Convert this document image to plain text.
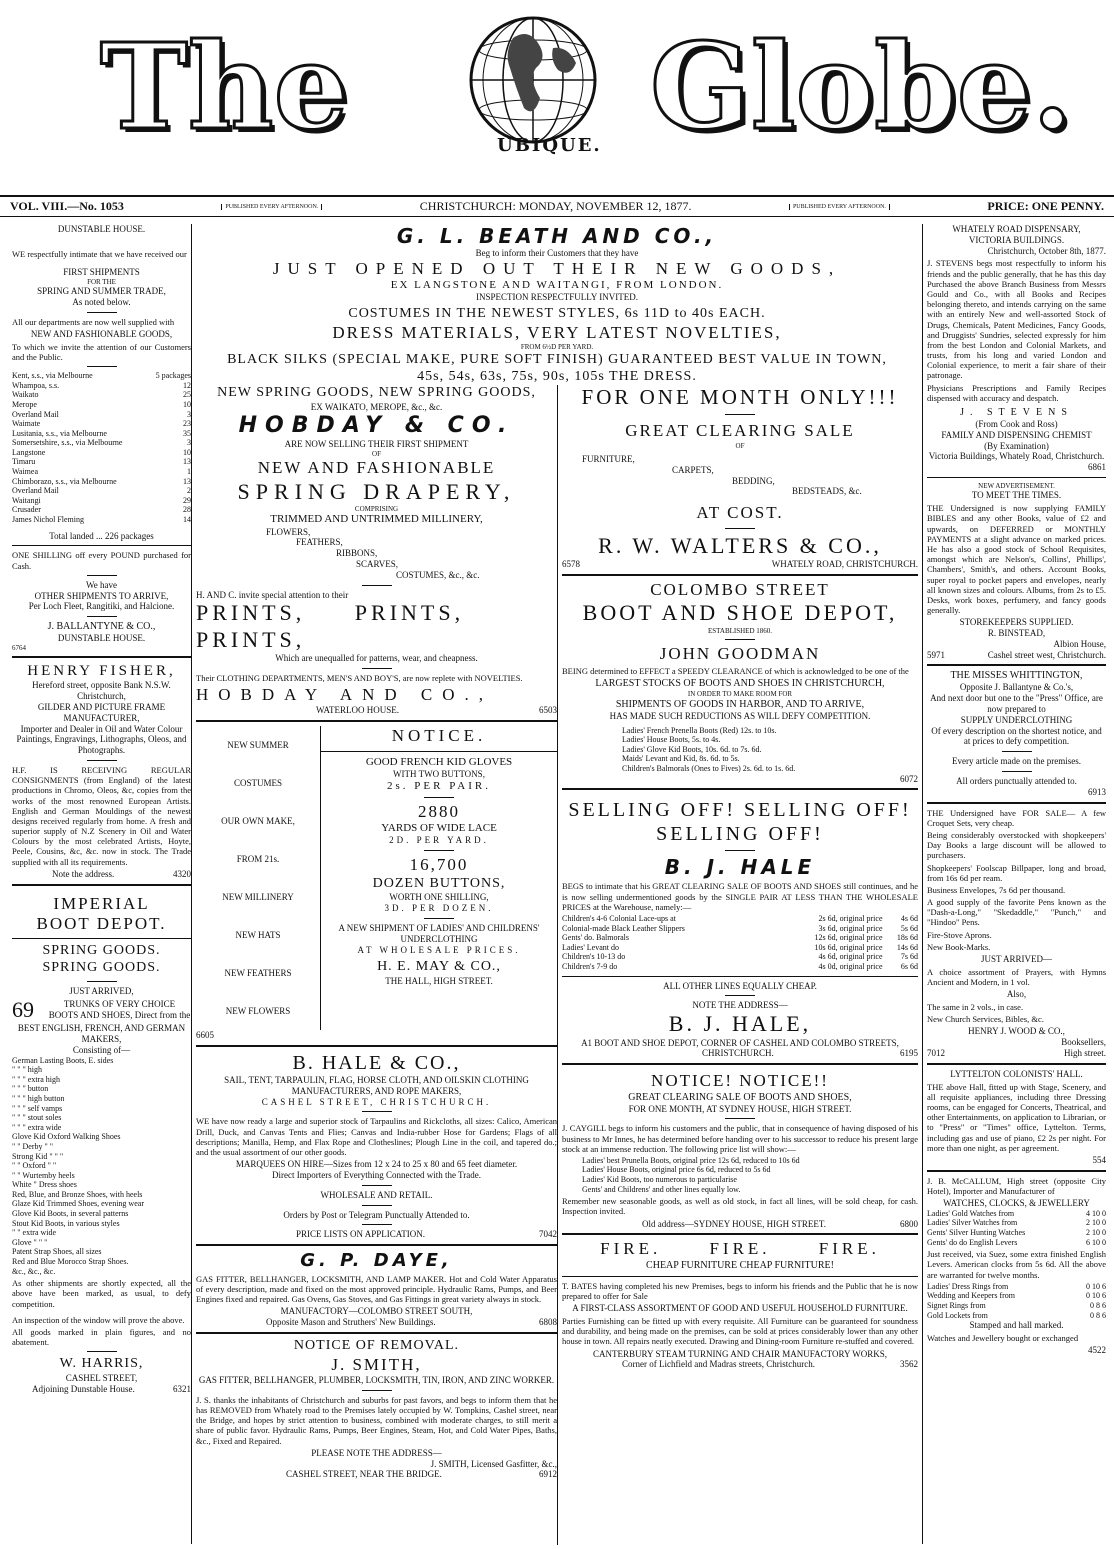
The	UBIQUE. Globe.
VOL. VIII.—No. 1053	PUBLISHED EVERY AFTERNOON.	CHRISTCHURCH: MONDAY, NOVEMBER 12, 1877.	PUBLISHED EVERY AFTERNOON.	PRICE: ONE PENNY.
DUNSTABLE HOUSE.
WE respectfully intimate that we have received our
FIRST SHIPMENTS
FOR THE
SPRING AND SUMMER TRADE,
As noted below.
All our departments are now well supplied with
NEW AND FASHIONABLE GOODS,
To which we invite the attention of our Customers and the Public.
Kent, s.s., via Melbourne	5 packages
Whampoa, s.s.	12
Waikato	25
Merope	10
Overland Mail	3
Waimate	23
Lusitania, s.s., via Melbourne	35
Somersetshire, s.s., via Melbourne	3
Langstone	10
Timaru	13
Waimea	1
Chimborazo, s.s., via Melbourne	13
Overland Mail	2
Waitangi	29
Crusader	28
James Nichol Fleming	14
Total landed ... 226 packages
ONE SHILLING off every POUND purchased for Cash.
We have
OTHER SHIPMENTS TO ARRIVE,
Per Loch Fleet, Rangitiki, and Halcione.
J. BALLANTYNE & CO.,
DUNSTABLE HOUSE.
6764
HENRY FISHER,
Hereford street, opposite Bank N.S.W. Christchurch,
GILDER AND PICTURE FRAME MANUFACTURER,
Importer and Dealer in Oil and Water Colour Paintings, Engravings, Lithographs, Oleos, and Photographs.
H.F. IS RECEIVING REGULAR CONSIGNMENTS (from England) of the latest productions in Chromo, Oleos, &c, copies from the works of the most renowned European Artists. English and German Mouldings of the newest designs received regularly from home. A fresh and superior supply of N.Z Scenery in Oil and Water Colours by the most celebrated Artists, Hoyte, Peele, Cousins, &c, &c. now in stock. The Trade supplied with all its requirements.
Note the address.	4320
IMPERIAL
BOOT DEPOT.
SPRING GOODS.
SPRING GOODS.
JUST ARRIVED,
69	TRUNKS OF VERY CHOICE BOOTS AND SHOES, Direct from the
BEST ENGLISH, FRENCH, AND GERMAN MAKERS,
Consisting of—
German Lasting Boots, E. sides
" " " high
" " " extra high
" " " button
" " " high button
" " " self vamps
" " " stout soles
" " " extra wide
Glove Kid Oxford Walking Shoes
" " Derby " "
Strong Kid " " "
" " Oxford " "
" " Wurtemby heels
White " Dress shoes
Red, Blue, and Bronze Shoes, with heels
Glaze Kid Trimmed Shoes, evening wear
Glove Kid Boots, in several patterns
Stout Kid Boots, in various styles
" " extra wide
Glove " " "
Patent Strap Shoes, all sizes
Red and Blue Morocco Strap Shoes.
&c., &c., &c.
As other shipments are shortly expected, all the above have been marked, as usual, to defy competition.
An inspection of the window will prove the above.
All goods marked in plain figures, and no abatement.
W. HARRIS,
CASHEL STREET,
Adjoining Dunstable House.	6321
G. L. BEATH AND CO.,
Beg to inform their Customers that they have
JUST OPENED OUT THEIR NEW GOODS,
EX LANGSTONE AND WAITANGI, FROM LONDON.
INSPECTION RESPECTFULLY INVITED.
COSTUMES IN THE NEWEST STYLES, 6s 11D to 40s EACH.
DRESS MATERIALS, VERY LATEST NOVELTIES,
FROM 6½D PER YARD.
BLACK SILKS (SPECIAL MAKE, PURE SOFT FINISH) GUARANTEED BEST VALUE IN TOWN,
45s, 54s, 63s, 75s, 90s, 105s THE DRESS.
NEW SPRING GOODS, NEW SPRING GOODS,
EX WAIKATO, MEROPE, &c., &c.
HOBDAY & CO.
ARE NOW SELLING THEIR FIRST SHIPMENT
OF
NEW AND FASHIONABLE
SPRING DRAPERY,
COMPRISING
TRIMMED AND UNTRIMMED MILLINERY,
FLOWERS,
FEATHERS,
RIBBONS,
SCARVES,
COSTUMES, &c., &c.
H. AND C. invite special attention to their
PRINTS, PRINTS, PRINTS,
Which are unequalled for patterns, wear, and cheapness.
Their CLOTHING DEPARTMENTS, MEN'S AND BOY'S, are now replete with NOVELTIES.
HOBDAY AND CO.,
WATERLOO HOUSE.	6503
NEW SUMMER
COSTUMES
OUR OWN MAKE,
FROM 21s.
NEW MILLINERY
NEW HATS
NEW FEATHERS
NEW FLOWERS
NOTICE.
GOOD FRENCH KID GLOVES
WITH TWO BUTTONS,
2s. PER PAIR.
2880
YARDS OF WIDE LACE
2D. PER YARD.
16,700
DOZEN BUTTONS,
WORTH ONE SHILLING,
3D. PER DOZEN.
A NEW SHIPMENT OF LADIES' AND CHILDRENS' UNDERCLOTHING
AT WHOLESALE PRICES.
H. E. MAY & CO.,
THE HALL, HIGH STREET.
6605
B. HALE & CO.,
SAIL, TENT, TARPAULIN, FLAG, HORSE CLOTH, AND OILSKIN CLOTHING MANUFACTURERS, AND ROPE MAKERS,
CASHEL STREET, CHRISTCHURCH.
WE have now ready a large and superior stock of Tarpaulins and Rickcloths, all sizes: Calico, American Drill, Duck, and Canvas Tents and Flies; Canvas and India-rubber Hose for Gardens; Flags of all descriptions; Manilla, Hemp, and Flax Rope and Clotheslines; Plough Line in the coil, and tapered do.; and the usual assortment of our other goods.
MARQUEES ON HIRE—Sizes from 12 x 24 to 25 x 80 and 65 feet diameter.
Direct Importers of Everything Connected with the Trade.
WHOLESALE AND RETAIL.
Orders by Post or Telegram Punctually Attended to.
PRICE LISTS ON APPLICATION.	7042
G. P. DAYE,
GAS FITTER, BELLHANGER, LOCKSMITH, AND LAMP MAKER. Hot and Cold Water Apparatus of every description, made and fixed on the most approved principle. Hydraulic Rams, Pumps, and Beer Engines fixed and repaired. Gas Ovens, Gas Stoves, and Gas Fittings in great variety always in stock.
MANUFACTORY—COLOMBO STREET SOUTH,
Opposite Mason and Struthers' New Buildings.	6808
NOTICE OF REMOVAL.
J. SMITH,
GAS FITTER, BELLHANGER, PLUMBER, LOCKSMITH, TIN, IRON, AND ZINC WORKER.
J. S. thanks the inhabitants of Christchurch and suburbs for past favors, and begs to inform them that he has REMOVED from Whately road to the Premises lately occupied by W. Tompkins, Cashel street, near the Bridge, and hopes by strict attention to business, combined with moderate charges, to still merit a share of public favor. Hydraulic Rams, Pumps, Beer Engines, Steam, Hot, and Cold Water Pipes, Baths, &c., Fixed and Repaired.
PLEASE NOTE THE ADDRESS—
J. SMITH, Licensed Gasfitter, &c.,
CASHEL STREET, NEAR THE BRIDGE.	6912
FOR ONE MONTH ONLY!!!
GREAT CLEARING SALE
OF
FURNITURE,
CARPETS,
BEDDING,
BEDSTEADS, &c.
AT COST.
R. W. WALTERS & CO.,
6578	WHATELY ROAD, CHRISTCHURCH.
COLOMBO STREET
BOOT AND SHOE DEPOT,
ESTABLISHED 1860.
JOHN GOODMAN
BEING determined to EFFECT a SPEEDY CLEARANCE of which is acknowledged to be one of the
LARGEST STOCKS OF BOOTS AND SHOES IN CHRISTCHURCH,
IN ORDER TO MAKE ROOM FOR
SHIPMENTS OF GOODS IN HARBOR, AND TO ARRIVE,
HAS MADE SUCH REDUCTIONS AS WILL DEFY COMPETITION.
Ladies' French Prenella Boots (Red) 12s. to 10s.
Ladies' House Boots, 5s. to 4s.
Ladies' Glove Kid Boots, 10s. 6d. to 7s. 6d.
Maids' Levant and Kid, 8s. 6d. to 5s.
Children's Balmorals (Ones to Fives) 2s. 6d. to 1s. 6d.
6072
SELLING OFF! SELLING OFF! SELLING OFF!
B. J. HALE
BEGS to intimate that his GREAT CLEARING SALE OF BOOTS AND SHOES still continues, and he is now selling undermentioned goods by the SINGLE PAIR AT LESS THAN THE WHOLESALE PRICES at the Warehouse, namely:—
Children's 4-6 Colonial Lace-ups at	2s 6d, original price	4s 6d
Colonial-made Black Leather Slippers	3s 6d, original price	5s 6d
Gents' do. Balmorals	12s 6d, original price	18s 6d
Ladies' Levant do	10s 6d, original price	14s 6d
Children's 10-13 do	4s 6d, original price	7s 6d
Children's 7-9 do	4s 0d, original price	6s 6d
ALL OTHER LINES EQUALLY CHEAP.
NOTE THE ADDRESS—
B. J. HALE,
A1 BOOT AND SHOE DEPOT, CORNER OF CASHEL AND COLOMBO STREETS,
CHRISTCHURCH.	6195
NOTICE! NOTICE!!
GREAT CLEARING SALE OF BOOTS AND SHOES,
FOR ONE MONTH, AT SYDNEY HOUSE, HIGH STREET.
J. CAYGILL begs to inform his customers and the public, that in consequence of having disposed of his business to Mr Innes, he has determined before handing over to his successor to reduce his present large stock at an immense reduction. The following price list will show:—
Ladies' best Prunella Boots, original price 12s 6d, reduced to 10s 6d
Ladies' House Boots, original price 6s 6d, reduced to 5s 6d
Ladies' Kid Boots, too numerous to particularise
Gents' and Childrens' and other lines equally low.
Remember new seasonable goods, as well as old stock, in fact all lines, will be sold cheap, for cash. Inspection invited.
Old address—SYDNEY HOUSE, HIGH STREET.	6800
FIRE. FIRE. FIRE.
CHEAP FURNITURE CHEAP FURNITURE!
T. BATES having completed his new Premises, begs to inform his friends and the Public that he is now prepared to offer for Sale
A FIRST-CLASS ASSORTMENT OF GOOD AND USEFUL HOUSEHOLD FURNITURE.
Parties Furnishing can be fitted up with every requisite. All Furniture can be guaranteed for soundness and durability, and being made on the premises, can be sold at prices considerably lower than any other house in town. All repairs neatly executed. Drawing and Dining-room Furniture re-stuffed and covered.
CANTERBURY STEAM TURNING AND CHAIR MANUFACTORY WORKS,
Corner of Lichfield and Madras streets, Christchurch.	3562
WHATELY ROAD DISPENSARY,
VICTORIA BUILDINGS.
Christchurch, October 8th, 1877.
J. STEVENS begs most respectfully to inform his friends and the public generally, that he has this day Purchased the above Branch Business from Messrs Gould and Co., with all Books and Recipes belonging thereto, and intends carrying on the same with an entirely New and well-assorted Stock of Drugs, Chemicals, Patent Medicines, Fancy Goods, and Druggists' Sundries, selected expressly for him from the best London and Colonial Markets, and trusts, from his long and varied London and Colonial experience, to merit a fair share of their patronage.
Physicians Prescriptions and Family Recipes dispensed with accuracy and despatch.
J. STEVENS
(From Cook and Ross)
FAMILY AND DISPENSING CHEMIST
(By Examination)
Victoria Buildings, Whately Road, Christchurch.
6861
NEW ADVERTISEMENT.
TO MEET THE TIMES.
THE Undersigned is now supplying FAMILY BIBLES and any other Books, value of £2 and upwards, on DEFERRED or MONTHLY PAYMENTS at a slight advance on marked prices. He has also a good stock of School Requisites, amongst which are Nelson's, Collins', Phillips', Chambers', Smith's, and others. Account Books, super royal to pocket papers and envelopes, nearly all known sizes and colours. Albums, from 2s to £5. Desks, work boxes, perfumery, and fancy goods generally.
STOREKEEPERS SUPPLIED.
R. BINSTEAD,
Albion House,
5971	Cashel street west, Christchurch.
THE MISSES WHITTINGTON,
Opposite J. Ballantyne & Co.'s,
And next door but one to the "Press" Office, are now prepared to
SUPPLY UNDERCLOTHING
Of every description on the shortest notice, and at prices to defy competition.
Every article made on the premises.
All orders punctually attended to.
6913
THE Undersigned have FOR SALE— A few Croquet Sets, very cheap.
Being considerably overstocked with shopkeepers' Day Books a large discount will be allowed to purchasers.
Shopkeepers' Foolscap Billpaper, long and broad, from 16s 6d per ream.
Business Envelopes, 7s 6d per thousand.
A good supply of the favorite Pens known as the "Dash-a-Long," "Skedaddle," "Punch," and "Hindoo" Pens.
Fire-Stove Aprons.
New Book-Marks.
JUST ARRIVED—
A choice assortment of Prayers, with Hymns Ancient and Modern, in 1 vol.
Also,
The same in 2 vols., in case.
New Church Services, Bibles, &c.
HENRY J. WOOD & CO.,
Booksellers,
7012	High street.
LYTTELTON COLONISTS' HALL.
THE above Hall, fitted up with Stage, Scenery, and all requisite appliances, including three Dressing rooms, can be engaged for Concerts, Theatrical, and other Entertainments, on application to Librarian, or to "Press" or "Times" office, Lyttelton. Terms, including gas and use of piano, £2 2s per night. For more than one night, as per agreement.
554
J. B. McCALLUM, High street (opposite City Hotel), Importer and Manufacturer of
WATCHES, CLOCKS, & JEWELLERY
Ladies' Gold Watches from	4 10 0
Ladies' Silver Watches from	2 10 0
Gents' Silver Hunting Watches	2 10 0
Gents' do do English Levers	6 10 0
Just received, via Suez, some extra finished English Levers. American clocks from 5s 6d. All the above are warranted for twelve months.
Ladies' Dress Rings from	0 10 6
Wedding and Keepers from	0 10 6
Signet Rings from	0 8 6
Gold Lockets from	0 8 6
Stamped and hall marked.
Watches and Jewellery bought or exchanged
4522
